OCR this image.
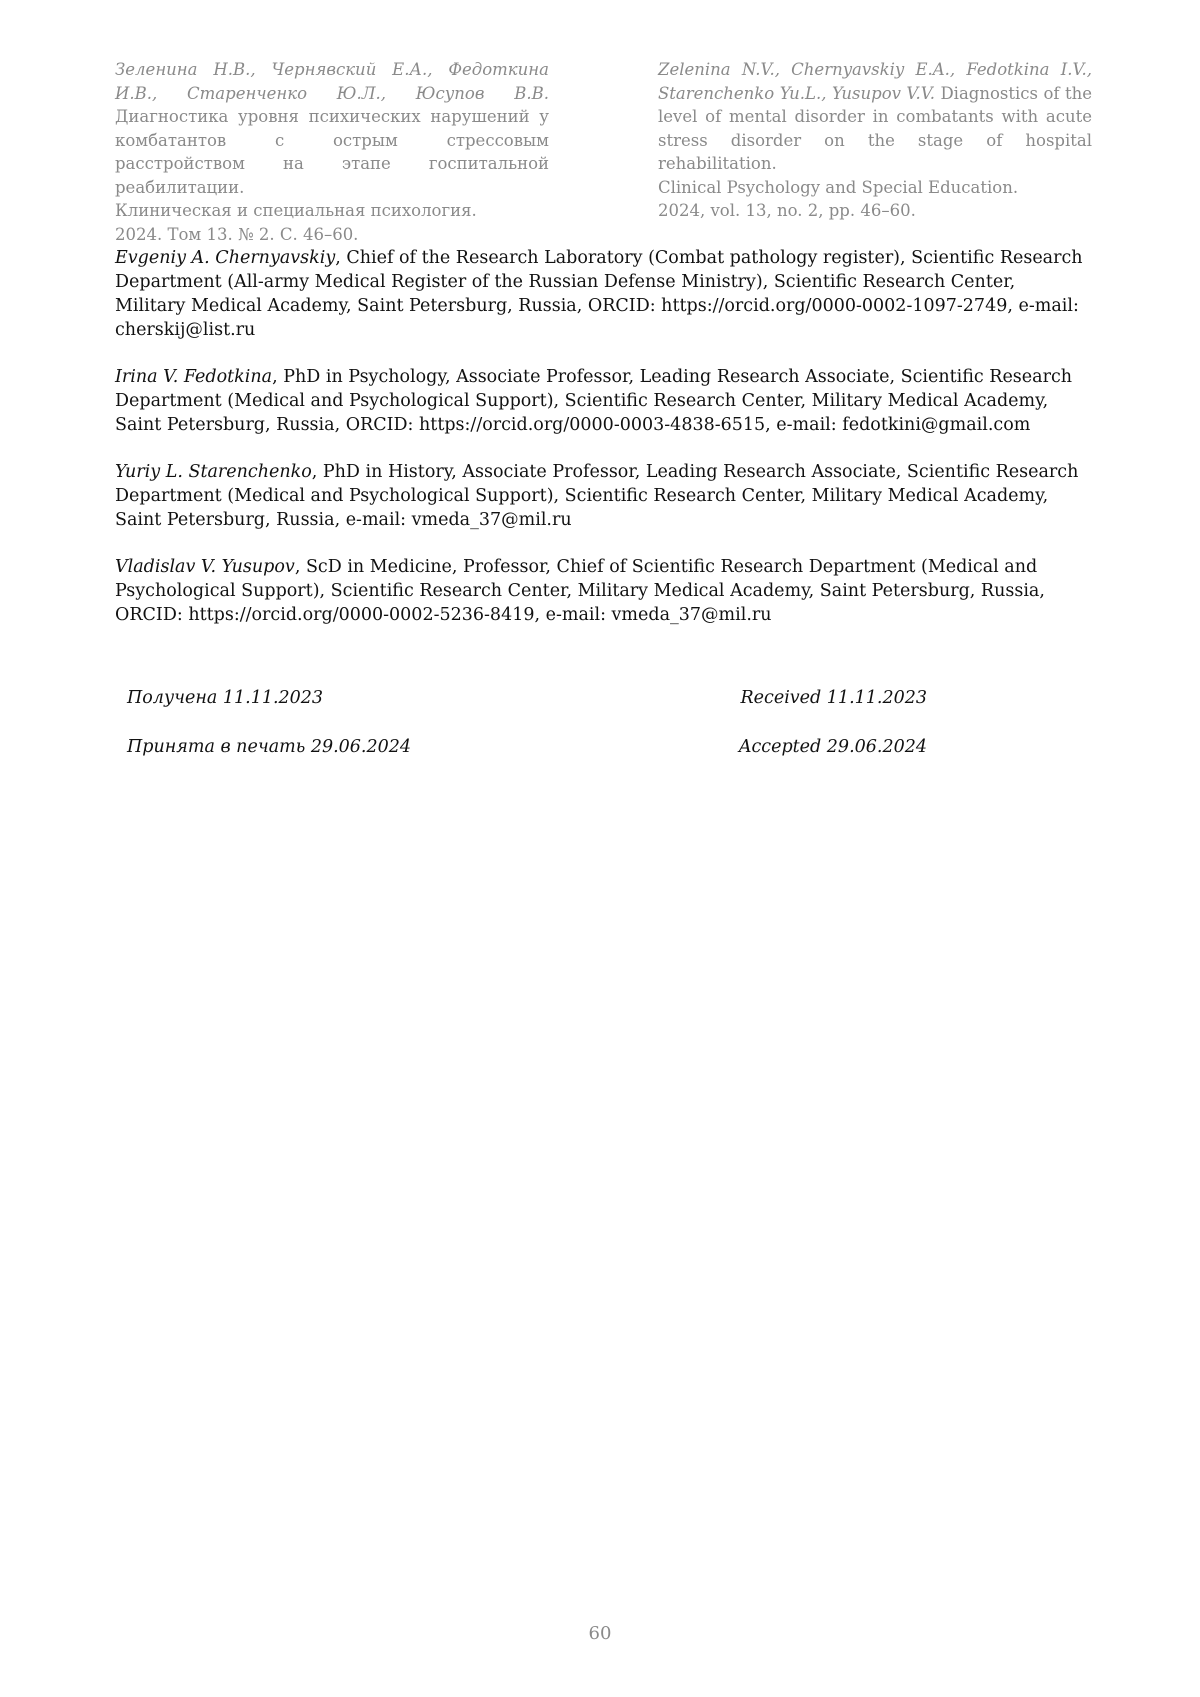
Зеленина Н.В., Чернявский Е.А., Федоткина И.В., Старенченко Ю.Л., Юсупов В.В. Диагностика уровня психических нарушений у комбатантов с острым стрессовым расстройством на этапе госпитальной реабилитации.

Клиническая и специальная психология.

2024. Том 13. № 2. С. 46–60.

Zelenina N.V., Chernyavskiy E.A., Fedotkina I.V., Starenchenko Yu.L., Yusupov V.V. Diagnostics of the level of mental disorder in combatants with acute stress disorder on the stage of hospital rehabilitation.

Clinical Psychology and Special Education.

2024, vol. 13, no. 2, pp. 46–60.

Evgeniy A. Chernyavskiy, Chief of the Research Laboratory (Combat pathology register), Scientific Research Department (All-army Medical Register of the Russian Defense Ministry), Scientific Research Center, Military Medical Academy, Saint Petersburg, Russia, ORCID: https://orcid.org/0000-0002-1097-2749, e-mail: cherskij@list.ru

Irina V. Fedotkina, PhD in Psychology, Associate Professor, Leading Research Associate, Scientific Research Department (Medical and Psychological Support), Scientific Research Center, Military Medical Academy, Saint Petersburg, Russia, ORCID: https://orcid.org/0000-0003-4838-6515, e-mail: fedotkini@gmail.com

Yuriy L. Starenchenko, PhD in History, Associate Professor, Leading Research Associate, Scientific Research Department (Medical and Psychological Support), Scientific Research Center, Military Medical Academy, Saint Petersburg, Russia, e-mail: vmeda_37@mil.ru

Vladislav V. Yusupov, ScD in Medicine, Professor, Chief of Scientific Research Department (Medical and Psychological Support), Scientific Research Center, Military Medical Academy, Saint Petersburg, Russia, ORCID: https://orcid.org/0000-0002-5236-8419, e-mail: vmeda_37@mil.ru

Получена 11.11.2023	Received 11.11.2023
Принята в печать 29.06.2024	Accepted 29.06.2024
60
